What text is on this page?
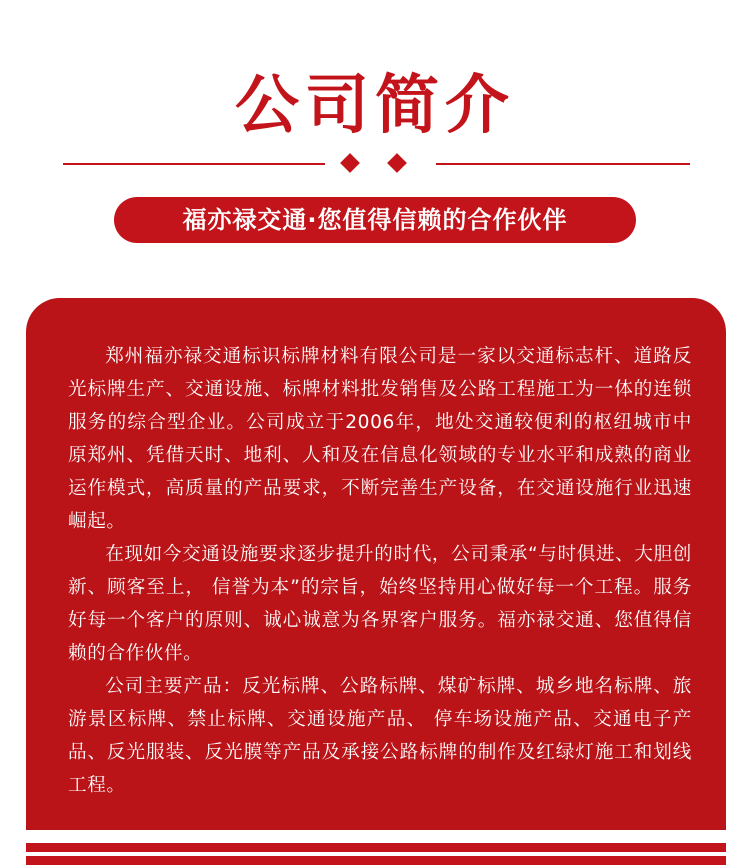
公司简介
福亦禄交通·您值得信赖的合作伙伴

郑州福亦禄交通标识标牌材料有限公司是一家以交通标志杆、道路反光标牌生产、交通设施、标牌材料批发销售及公路工程施工为一体的连锁服务的综合型企业。公司成立于2006年，地处交通较便利的枢纽城市中原郑州、凭借天时、地利、人和及在信息化领域的专业水平和成熟的商业运作模式，高质量的产品要求，不断完善生产设备，在交通设施行业迅速崛起。

在现如今交通设施要求逐步提升的时代，公司秉承“与时俱进、大胆创新、顾客至上， 信誉为本”的宗旨，始终坚持用心做好每一个工程。服务好每一个客户的原则、诚心诚意为各界客户服务。福亦禄交通、您值得信赖的合作伙伴。

公司主要产品：反光标牌、公路标牌、煤矿标牌、城乡地名标牌、旅游景区标牌、禁止标牌、交通设施产品、 停车场设施产品、交通电子产品、反光服装、反光膜等产品及承接公路标牌的制作及红绿灯施工和划线工程。
